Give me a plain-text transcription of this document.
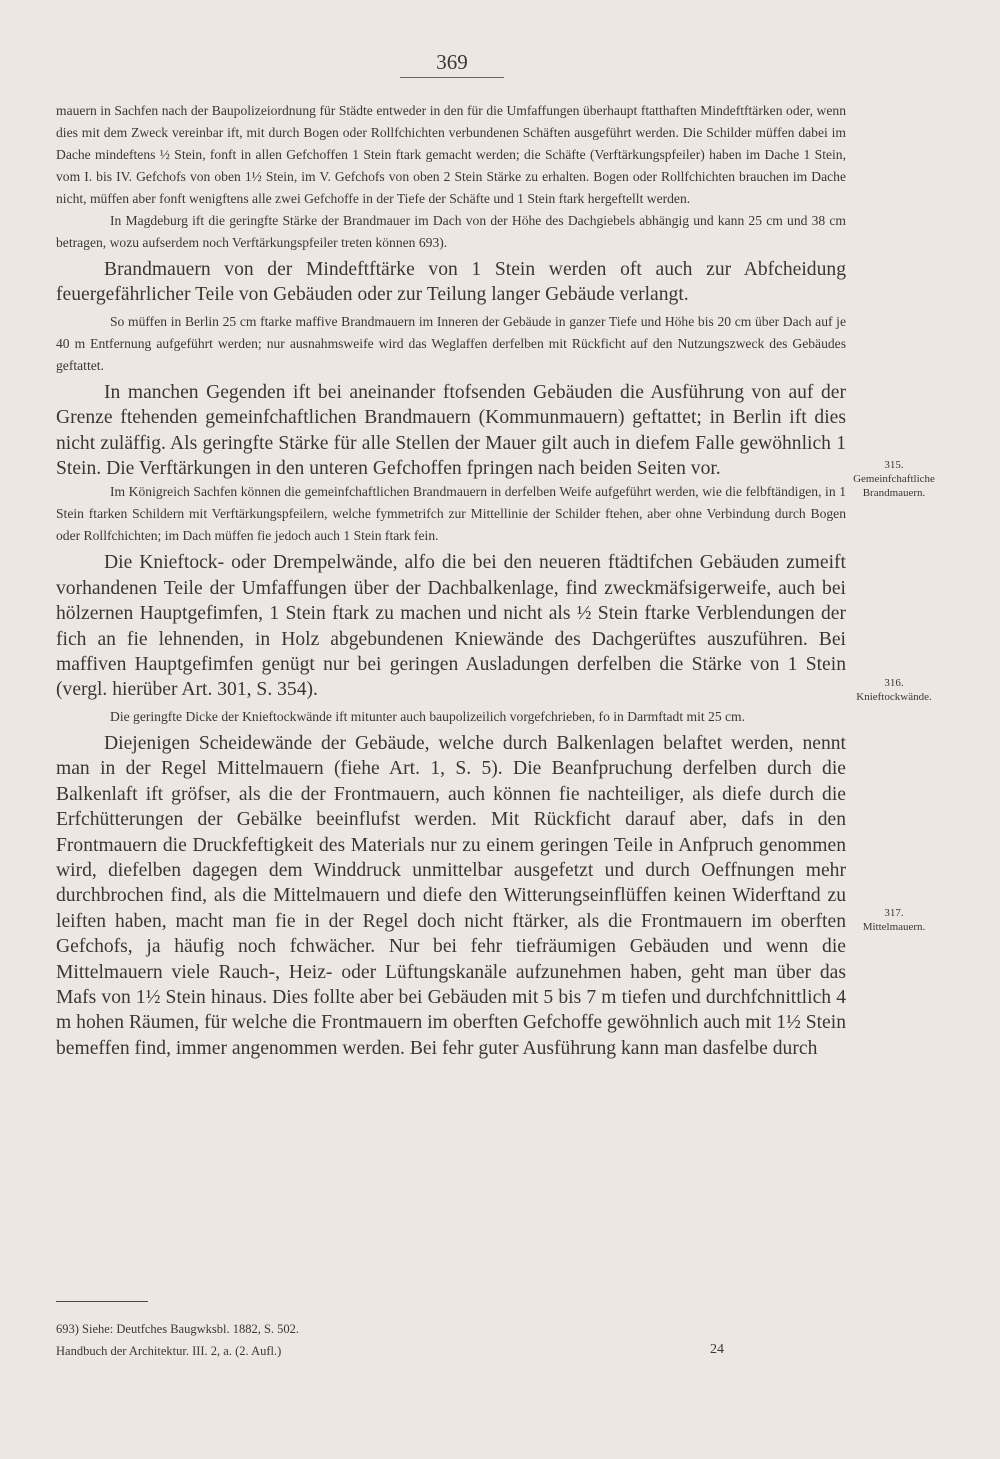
369

mauern in Sachfen nach der Baupolizeiordnung für Städte entweder in den für die Umfaffungen überhaupt ftatthaften Mindeftftärken oder, wenn dies mit dem Zweck vereinbar ift, mit durch Bogen oder Rollfchichten verbundenen Schäften ausgeführt werden. Die Schilder müffen dabei im Dache mindeftens ½ Stein, fonft in allen Gefchoffen 1 Stein ftark gemacht werden; die Schäfte (Verftärkungspfeiler) haben im Dache 1 Stein, vom I. bis IV. Gefchofs von oben 1½ Stein, im V. Gefchofs von oben 2 Stein Stärke zu erhalten. Bogen oder Rollfchichten brauchen im Dache nicht, müffen aber fonft wenigftens alle zwei Gefchoffe in der Tiefe der Schäfte und 1 Stein ftark hergeftellt werden.

In Magdeburg ift die geringfte Stärke der Brandmauer im Dach von der Höhe des Dachgiebels abhängig und kann 25 cm und 38 cm betragen, wozu aufserdem noch Verftärkungspfeiler treten können 693).

Brandmauern von der Mindeftftärke von 1 Stein werden oft auch zur Abfcheidung feuergefährlicher Teile von Gebäuden oder zur Teilung langer Gebäude verlangt.

So müffen in Berlin 25 cm ftarke maffive Brandmauern im Inneren der Gebäude in ganzer Tiefe und Höhe bis 20 cm über Dach auf je 40 m Entfernung aufgeführt werden; nur ausnahmsweife wird das Weglaffen derfelben mit Rückficht auf den Nutzungszweck des Gebäudes geftattet.

In manchen Gegenden ift bei aneinander ftofsenden Gebäuden die Ausführung von auf der Grenze ftehenden gemeinfchaftlichen Brandmauern (Kommunmauern) geftattet; in Berlin ift dies nicht zuläffig. Als geringfte Stärke für alle Stellen der Mauer gilt auch in diefem Falle gewöhnlich 1 Stein. Die Verftärkungen in den unteren Gefchoffen fpringen nach beiden Seiten vor.

Im Königreich Sachfen können die gemeinfchaftlichen Brandmauern in derfelben Weife aufgeführt werden, wie die felbftändigen, in 1 Stein ftarken Schildern mit Verftärkungspfeilern, welche fymmetrifch zur Mittellinie der Schilder ftehen, aber ohne Verbindung durch Bogen oder Rollfchichten; im Dach müffen fie jedoch auch 1 Stein ftark fein.

Die Knieftock- oder Drempelwände, alfo die bei den neueren ftädtifchen Gebäuden zumeift vorhandenen Teile der Umfaffungen über der Dachbalkenlage, find zweckmäfsigerweife, auch bei hölzernen Hauptgefimfen, 1 Stein ftark zu machen und nicht als ½ Stein ftarke Verblendungen der fich an fie lehnenden, in Holz abgebundenen Kniewände des Dachgerüftes auszuführen. Bei maffiven Hauptgefimfen genügt nur bei geringen Ausladungen derfelben die Stärke von 1 Stein (vergl. hierüber Art. 301, S. 354).

Die geringfte Dicke der Knieftockwände ift mitunter auch baupolizeilich vorgefchrieben, fo in Darmftadt mit 25 cm.

Diejenigen Scheidewände der Gebäude, welche durch Balkenlagen belaftet werden, nennt man in der Regel Mittelmauern (fiehe Art. 1, S. 5). Die Beanfpruchung derfelben durch die Balkenlaft ift gröfser, als die der Frontmauern, auch können fie nachteiliger, als diefe durch die Erfchütterungen der Gebälke beeinflufst werden. Mit Rückficht darauf aber, dafs in den Frontmauern die Druckfeftigkeit des Materials nur zu einem geringen Teile in Anfpruch genommen wird, diefelben dagegen dem Winddruck unmittelbar ausgefetzt und durch Oeffnungen mehr durchbrochen find, als die Mittelmauern und diefe den Witterungseinflüffen keinen Widerftand zu leiften haben, macht man fie in der Regel doch nicht ftärker, als die Frontmauern im oberften Gefchofs, ja häufig noch fchwächer. Nur bei fehr tiefräumigen Gebäuden und wenn die Mittelmauern viele Rauch-, Heiz- oder Lüftungskanäle aufzunehmen haben, geht man über das Mafs von 1½ Stein hinaus. Dies follte aber bei Gebäuden mit 5 bis 7 m tiefen und durchfchnittlich 4 m hohen Räumen, für welche die Frontmauern im oberften Gefchoffe gewöhnlich auch mit 1½ Stein bemeffen find, immer angenommen werden. Bei fehr guter Ausführung kann man dasfelbe durch

315.
Gemeinfchaftliche Brandmauern.
316.
Knieftockwände.
317.
Mittelmauern.
693) Siehe: Deutfches Baugwksbl. 1882, S. 502.
Handbuch der Architektur. III. 2, a. (2. Aufl.)	24
